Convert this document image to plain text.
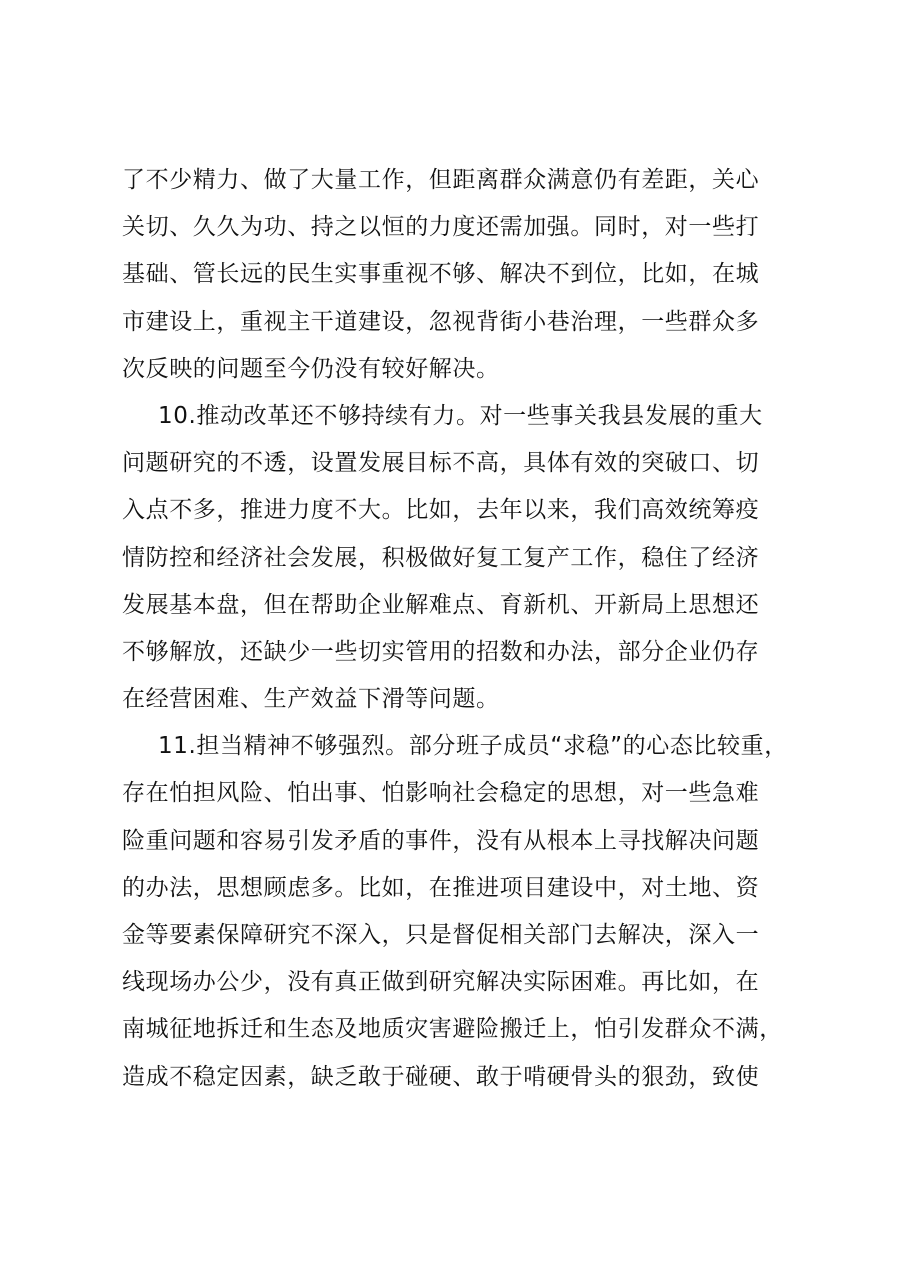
了不少精力、做了大量工作，但距离群众满意仍有差距，关心
关切、久久为功、持之以恒的力度还需加强。同时，对一些打
基础、管长远的民生实事重视不够、解决不到位，比如，在城
市建设上，重视主干道建设，忽视背街小巷治理，一些群众多
次反映的问题至今仍没有较好解决。
10.推动改革还不够持续有力。对一些事关我县发展的重大
问题研究的不透，设置发展目标不高，具体有效的突破口、切
入点不多，推进力度不大。比如，去年以来，我们高效统筹疫
情防控和经济社会发展，积极做好复工复产工作，稳住了经济
发展基本盘，但在帮助企业解难点、育新机、开新局上思想还
不够解放，还缺少一些切实管用的招数和办法，部分企业仍存
在经营困难、生产效益下滑等问题。
11.担当精神不够强烈。部分班子成员“求稳”的心态比较重，
存在怕担风险、怕出事、怕影响社会稳定的思想，对一些急难
险重问题和容易引发矛盾的事件，没有从根本上寻找解决问题
的办法，思想顾虑多。比如，在推进项目建设中，对土地、资
金等要素保障研究不深入，只是督促相关部门去解决，深入一
线现场办公少，没有真正做到研究解决实际困难。再比如，在
南城征地拆迁和生态及地质灾害避险搬迁上，怕引发群众不满，
造成不稳定因素，缺乏敢于碰硬、敢于啃硬骨头的狠劲，致使
